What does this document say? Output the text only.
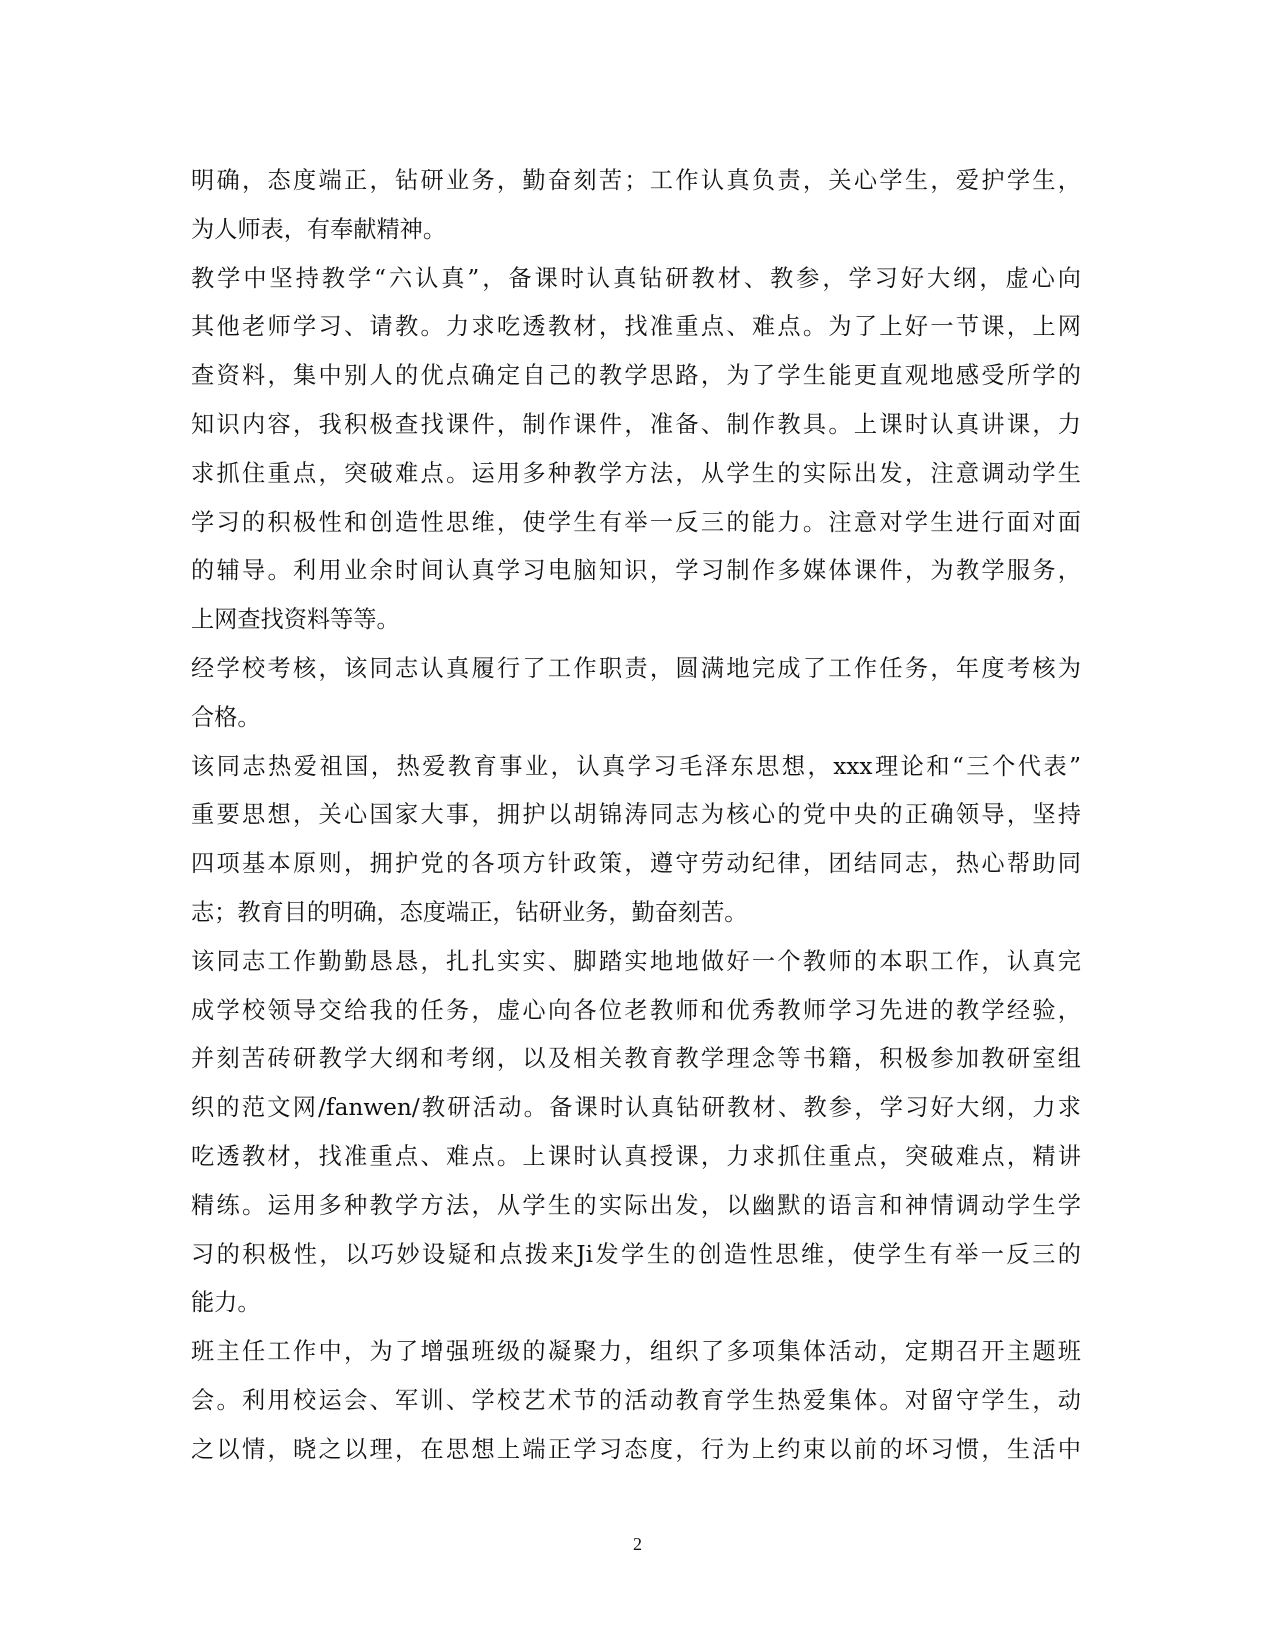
明确，态度端正，钻研业务，勤奋刻苦；工作认真负责，关心学生，爱护学生，
为人师表，有奉献精神。
教学中坚持教学“六认真”，备课时认真钻研教材、教参，学习好大纲，虚心向
其他老师学习、请教。力求吃透教材，找准重点、难点。为了上好一节课，上网
查资料，集中别人的优点确定自己的教学思路，为了学生能更直观地感受所学的
知识内容，我积极查找课件，制作课件，准备、制作教具。上课时认真讲课，力
求抓住重点，突破难点。运用多种教学方法，从学生的实际出发，注意调动学生
学习的积极性和创造性思维，使学生有举一反三的能力。注意对学生进行面对面
的辅导。利用业余时间认真学习电脑知识，学习制作多媒体课件，为教学服务，
上网查找资料等等。
经学校考核，该同志认真履行了工作职责，圆满地完成了工作任务，年度考核为
合格。
该同志热爱祖国，热爱教育事业，认真学习毛泽东思想，xxx理论和“三个代表”
重要思想，关心国家大事，拥护以胡锦涛同志为核心的党中央的正确领导，坚持
四项基本原则，拥护党的各项方针政策，遵守劳动纪律，团结同志，热心帮助同
志；教育目的明确，态度端正，钻研业务，勤奋刻苦。
该同志工作勤勤恳恳，扎扎实实、脚踏实地地做好一个教师的本职工作，认真完
成学校领导交给我的任务，虚心向各位老教师和优秀教师学习先进的教学经验，
并刻苦砖研教学大纲和考纲，以及相关教育教学理念等书籍，积极参加教研室组
织的范文网/fanwen/教研活动。备课时认真钻研教材、教参，学习好大纲，力求
吃透教材，找准重点、难点。上课时认真授课，力求抓住重点，突破难点，精讲
精练。运用多种教学方法，从学生的实际出发，以幽默的语言和神情调动学生学
习的积极性，以巧妙设疑和点拨来Ji发学生的创造性思维，使学生有举一反三的
能力。
班主任工作中，为了增强班级的凝聚力，组织了多项集体活动，定期召开主题班
会。利用校运会、军训、学校艺术节的活动教育学生热爱集体。对留守学生，动
之以情，晓之以理，在思想上端正学习态度，行为上约束以前的坏习惯，生活中
2
